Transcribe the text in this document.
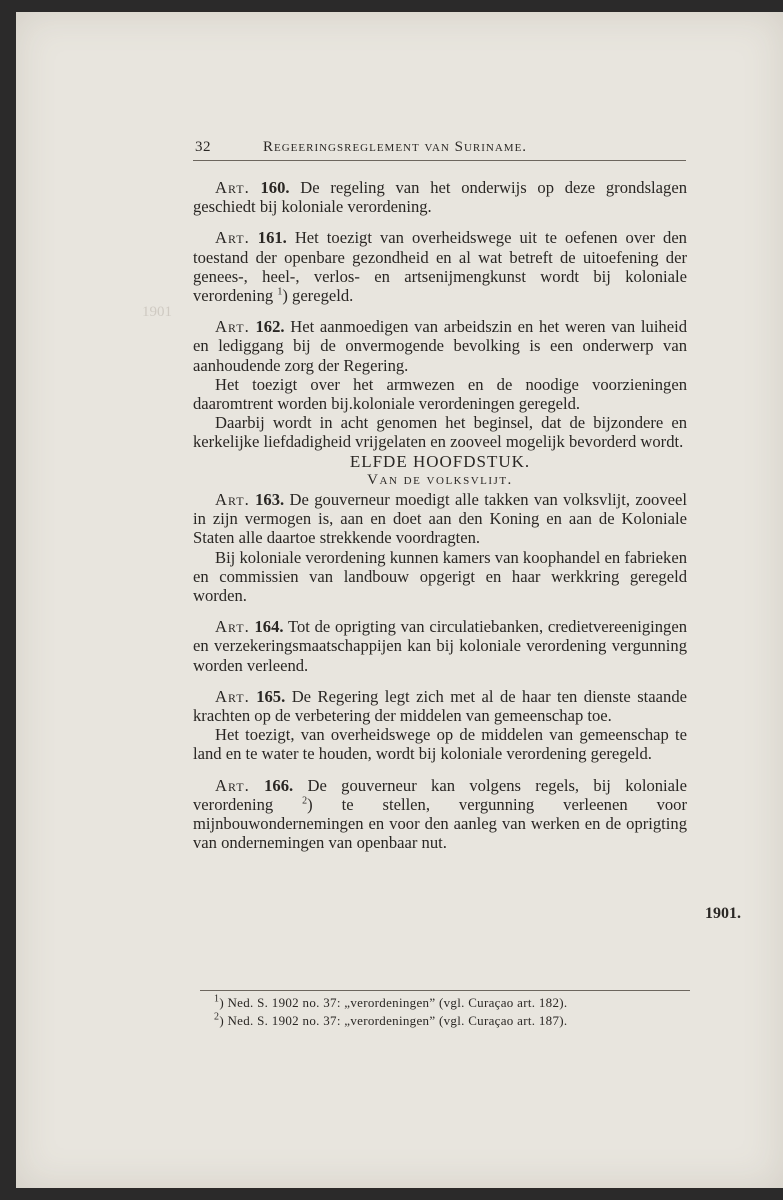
1901
32	Regeeringsreglement van Suriname.

Art. 160. De regeling van het onderwijs op deze grondslagen geschiedt bij koloniale verordening.

Art. 161. Het toezigt van overheidswege uit te oefenen over den toestand der openbare gezondheid en al wat betreft de uitoefening der genees-, heel-, verlos- en artsenijmengkunst wordt bij koloniale verordening $^1$) geregeld.

Art. 162. Het aanmoedigen van arbeidszin en het weren van luiheid en lediggang bij de onvermogende bevolking is een onderwerp van aanhoudende zorg der Regering.

Het toezigt over het armwezen en de noodige voorzieningen daaromtrent worden bij.koloniale verordeningen geregeld.

Daarbij wordt in acht genomen het beginsel, dat de bijzondere en kerkelijke liefdadigheid vrijgelaten en zooveel mogelijk bevorderd wordt.

ELFDE HOOFDSTUK.

Van de volksvlijt.

Art. 163. De gouverneur moedigt alle takken van volksvlijt, zooveel in zijn vermogen is, aan en doet aan den Koning en aan de Koloniale Staten alle daartoe strekkende voordragten.

Bij koloniale verordening kunnen kamers van koophandel en fabrieken en commissien van landbouw opgerigt en haar werkkring geregeld worden.

Art. 164. Tot de oprigting van circulatiebanken, credietvereenigingen en verzekeringsmaatschappijen kan bij koloniale verordening vergunning worden verleend.

Art. 165. De Regering legt zich met al de haar ten dienste staande krachten op de verbetering der middelen van gemeenschap toe.

Het toezigt, van overheidswege op de middelen van gemeenschap te land en te water te houden, wordt bij koloniale verordening geregeld.

Art. 166. De gouverneur kan volgens regels, bij koloniale verordening	$^2$) te stellen, vergunning verleenen voor mijnbouwondernemingen en voor den aanleg van werken en de oprigting van ondernemingen van openbaar nut.

1901.

$^1$) Ned. S. 1902 no. 37: „verordeningen” (vgl. Curaçao art. 182).

$^2$) Ned. S. 1902 no. 37: „verordeningen” (vgl. Curaçao art. 187).
